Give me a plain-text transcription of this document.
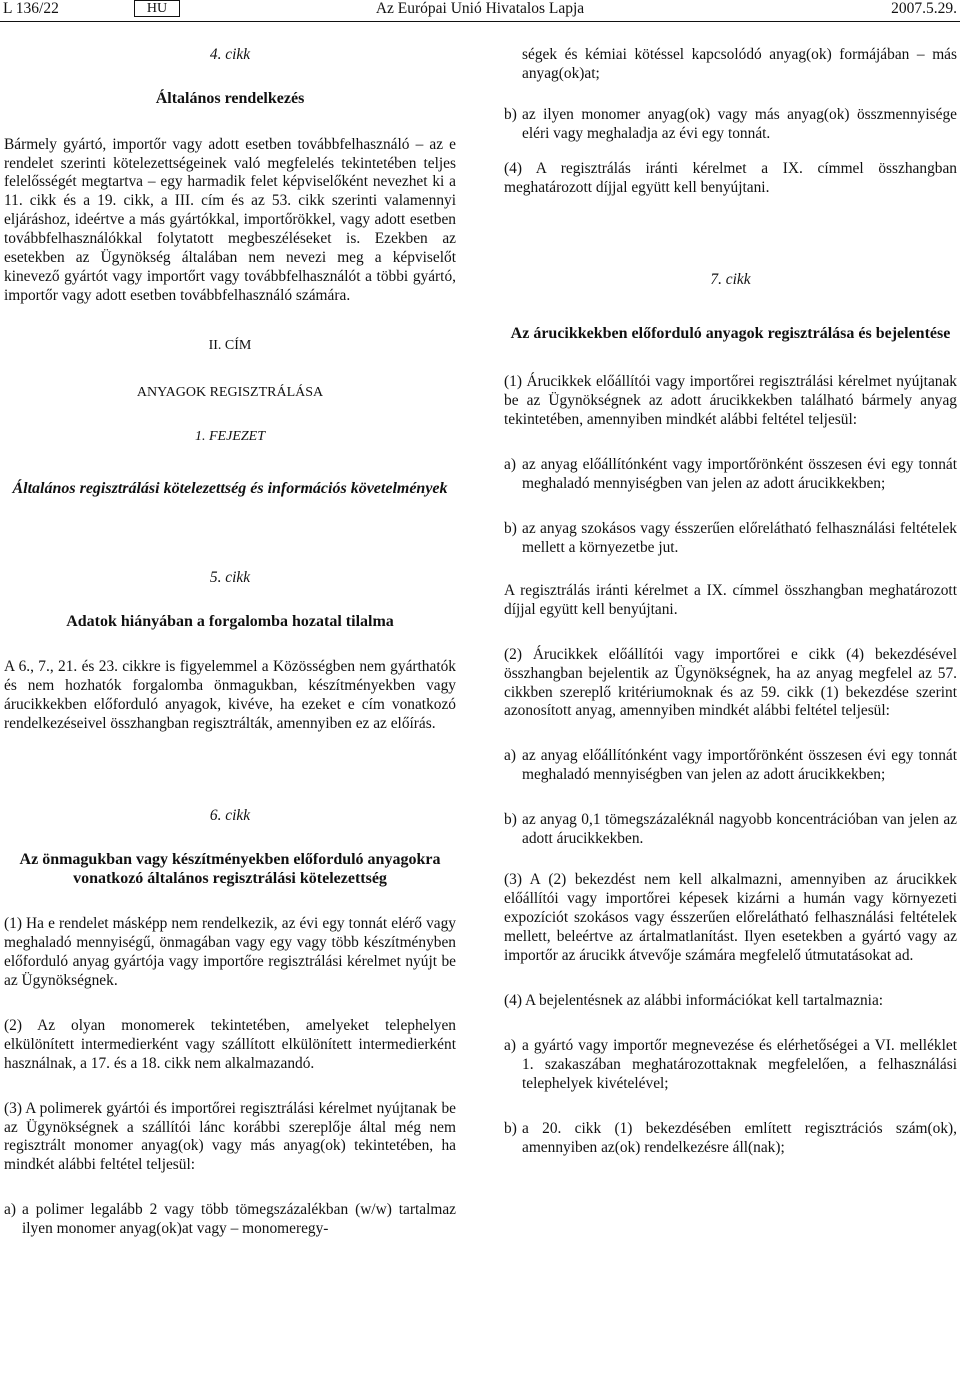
L 136/22	HU	Az Európai Unió Hivatalos Lapja	2007.5.29.

4. cikk

Általános rendelkezés

Bármely gyártó, importőr vagy adott esetben továbbfelhasználó – az e rendelet szerinti kötelezettségeinek való megfelelés tekintetében teljes felelősségét megtartva – egy harmadik felet képviselőként nevezhet ki a 11. cikk és a 19. cikk, a III. cím és az 53. cikk szerinti valamennyi eljáráshoz, ideértve a más gyártókkal, importőrökkel, vagy adott esetben továbbfelhasználókkal folytatott megbeszéléseket is. Ezekben az esetekben az Ügynökség általában nem nevezi meg a képviselőt kinevező gyártót vagy importőrt vagy továbbfelhasználót a többi gyártó, importőr vagy adott esetben továbbfelhasználó számára.

II. CÍM

ANYAGOK REGISZTRÁLÁSA

1. FEJEZET

Általános regisztrálási kötelezettség és információs követelmények

5. cikk

Adatok hiányában a forgalomba hozatal tilalma

A 6., 7., 21. és 23. cikkre is figyelemmel a Közösségben nem gyárthatók és nem hozhatók forgalomba önmagukban, készítményekben vagy árucikkekben előforduló anyagok, kivéve, ha ezeket e cím vonatkozó rendelkezéseivel összhangban regisztrálták, amennyiben ez az előírás.

6. cikk

Az önmagukban vagy készítményekben előforduló anyagokra vonatkozó általános regisztrálási kötelezettség

(1) Ha e rendelet másképp nem rendelkezik, az évi egy tonnát elérő vagy meghaladó mennyiségű, önmagában vagy egy vagy több készítményben előforduló anyag gyártója vagy importőre regisztrálási kérelmet nyújt be az Ügynökségnek.

(2) Az olyan monomerek tekintetében, amelyeket telephelyen elkülönített intermedierként vagy szállított elkülönített intermedierként használnak, a 17. és a 18. cikk nem alkalmazandó.

(3) A polimerek gyártói és importőrei regisztrálási kérelmet nyújtanak be az Ügynökségnek a szállítói lánc korábbi szereplője által még nem regisztrált monomer anyag(ok) vagy más anyag(ok) tekintetében, ha mindkét alábbi feltétel teljesül:

a) a polimer legalább 2 vagy több tömegszázalékban (w/w) tartalmaz ilyen monomer anyag(ok)at vagy – monomeregy-

ségek és kémiai kötéssel kapcsolódó anyag(ok) formájában – más anyag(ok)at;

b) az ilyen monomer anyag(ok) vagy más anyag(ok) összmennyisége eléri vagy meghaladja az évi egy tonnát.

(4) A regisztrálás iránti kérelmet a IX. címmel összhangban meghatározott díjjal együtt kell benyújtani.

7. cikk

Az árucikkekben előforduló anyagok regisztrálása és bejelentése

(1) Árucikkek előállítói vagy importőrei regisztrálási kérelmet nyújtanak be az Ügynökségnek az adott árucikkekben található bármely anyag tekintetében, amennyiben mindkét alábbi feltétel teljesül:

a) az anyag előállítónként vagy importőrönként összesen évi egy tonnát meghaladó mennyiségben van jelen az adott árucikkekben;
b) az anyag szokásos vagy ésszerűen előrelátható felhasználási feltételek mellett a környezetbe jut.

A regisztrálás iránti kérelmet a IX. címmel összhangban meghatározott díjjal együtt kell benyújtani.

(2) Árucikkek előállítói vagy importőrei e cikk (4) bekezdésével összhangban bejelentik az Ügynökségnek, ha az anyag megfelel az 57. cikkben szereplő kritériumoknak és az 59. cikk (1) bekezdése szerint azonosított anyag, amennyiben mindkét alábbi feltétel teljesül:

a) az anyag előállítónként vagy importőrönként összesen évi egy tonnát meghaladó mennyiségben van jelen az adott árucikkekben;
b) az anyag 0,1 tömegszázaléknál nagyobb koncentrációban van jelen az adott árucikkekben.

(3) A (2) bekezdést nem kell alkalmazni, amennyiben az árucikkek előállítói vagy importőrei képesek kizárni a humán vagy környezeti expozíciót szokásos vagy ésszerűen előrelátható felhasználási feltételek mellett, beleértve az ártalmatlanítást. Ilyen esetekben a gyártó vagy az importőr az árucikk átvevője számára megfelelő útmutatásokat ad.

(4) A bejelentésnek az alábbi információkat kell tartalmaznia:

a) a gyártó vagy importőr megnevezése és elérhetőségei a VI. melléklet 1. szakaszában meghatározottaknak megfelelően, a felhasználási telephelyek kivételével;
b) a 20. cikk (1) bekezdésében említett regisztrációs szám(ok), amennyiben az(ok) rendelkezésre áll(nak);
